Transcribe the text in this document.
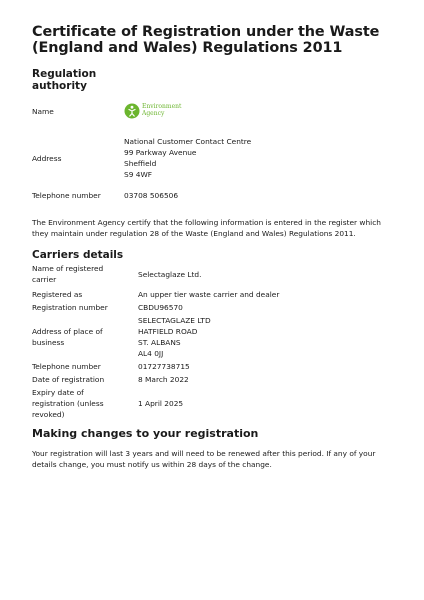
Certificate of Registration under the Waste (England and Wales) Regulations 2011
Regulation authority
Name	Environment
Agency

Address	National Customer Contact Centre
99 Parkway Avenue
Sheffield
S9 4WF

Telephone number	03708 506506

The Environment Agency certify that the following information is entered in the register which they maintain under regulation 28 of the Waste (England and Wales) Regulations 2011.

Carriers details
Name of registered carrier	Selectaglaze Ltd.

Registered as	An upper tier waste carrier and dealer

Registration number	CBDU96570

Address of place of business	SELECTAGLAZE LTD
HATFIELD ROAD
ST. ALBANS
AL4 0JJ

Telephone number	01727738715

Date of registration	8 March 2022

Expiry date of registration (unless revoked)	1 April 2025
Making changes to your registration

Your registration will last 3 years and will need to be renewed after this period. If any of your details change, you must notify us within 28 days of the change.
